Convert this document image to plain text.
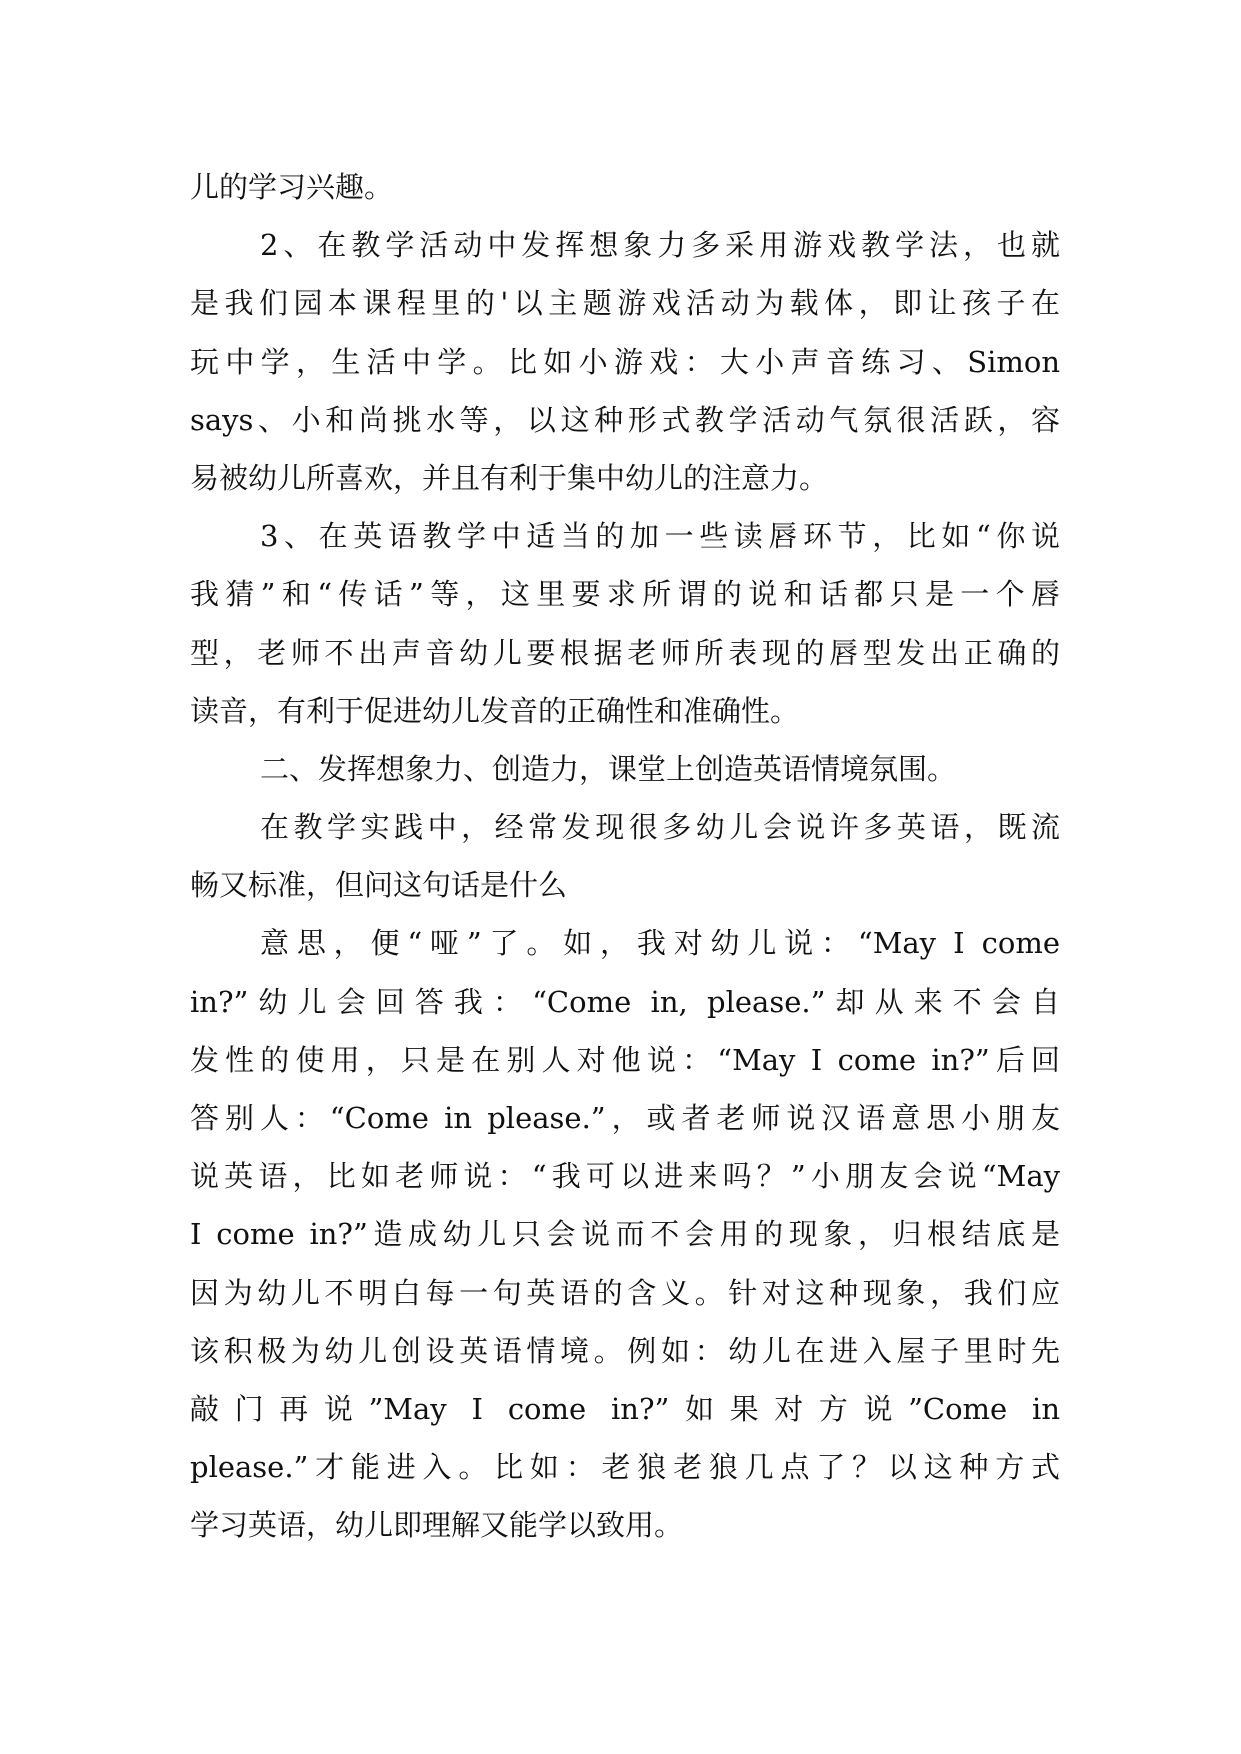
儿的学习兴趣。
2、在教学活动中发挥想象力多采用游戏教学法，也就
是我们园本课程里的'以主题游戏活动为载体，即让孩子在
玩中学，生活中学。比如小游戏：大小声音练习、Simon
says、小和尚挑水等，以这种形式教学活动气氛很活跃，容
易被幼儿所喜欢，并且有利于集中幼儿的注意力。
3、在英语教学中适当的加一些读唇环节，比如“你说
我猜”和“传话”等，这里要求所谓的说和话都只是一个唇
型，老师不出声音幼儿要根据老师所表现的唇型发出正确的
读音，有利于促进幼儿发音的正确性和准确性。
二、发挥想象力、创造力，课堂上创造英语情境氛围。
在教学实践中，经常发现很多幼儿会说许多英语，既流
畅又标准，但问这句话是什么
意思，便“哑”了。如，我对幼儿说：“May I come
in?”幼儿会回答我：“Come in, please.”却从来不会自
发性的使用，只是在别人对他说：“May I come in?”后回
答别人：“Come in please.”，或者老师说汉语意思小朋友
说英语，比如老师说：“我可以进来吗？”小朋友会说“May
I come in?”造成幼儿只会说而不会用的现象，归根结底是
因为幼儿不明白每一句英语的含义。针对这种现象，我们应
该积极为幼儿创设英语情境。例如：幼儿在进入屋子里时先
敲门再说”May I come in?”如果对方说”Come in
please.”才能进入。比如：老狼老狼几点了？以这种方式
学习英语，幼儿即理解又能学以致用。
